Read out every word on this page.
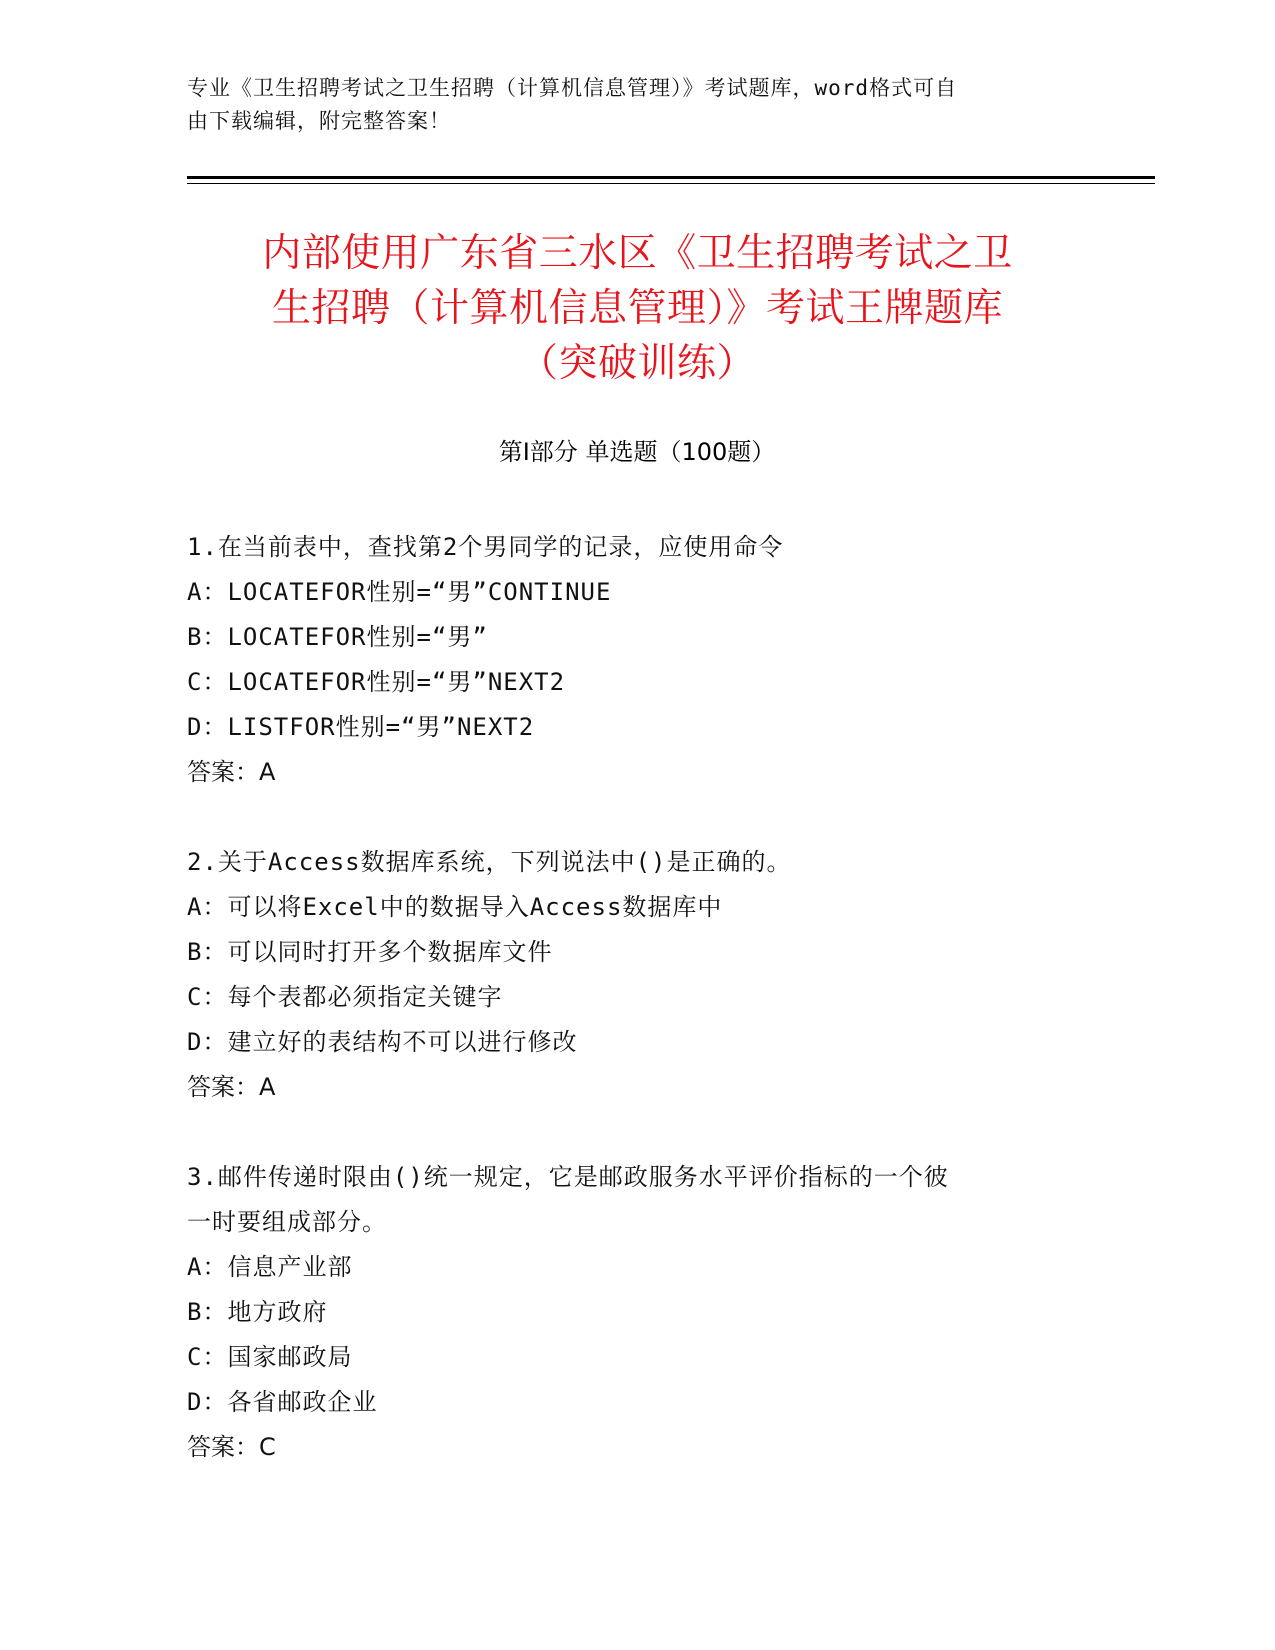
专业《卫生招聘考试之卫生招聘（计算机信息管理）》考试题库，word格式可自
由下载编辑，附完整答案！
内部使用广东省三水区《卫生招聘考试之卫
生招聘（计算机信息管理）》考试王牌题库
（突破训练）
第Ⅰ部分 单选题（100题）

1.在当前表中，查找第2个男同学的记录，应使用命令

A：LOCATEFOR性别=“男”CONTINUE

B：LOCATEFOR性别=“男”

C：LOCATEFOR性别=“男”NEXT2

D：LISTFOR性别=“男”NEXT2

答案：A

2.关于Access数据库系统，下列说法中()是正确的。

A：可以将Excel中的数据导入Access数据库中

B：可以同时打开多个数据库文件

C：每个表都必须指定关键字

D：建立好的表结构不可以进行修改

答案：A

3.邮件传递时限由()统一规定，它是邮政服务水平评价指标的一个彼

一时要组成部分。

A：信息产业部

B：地方政府

C：国家邮政局

D：各省邮政企业

答案：C
